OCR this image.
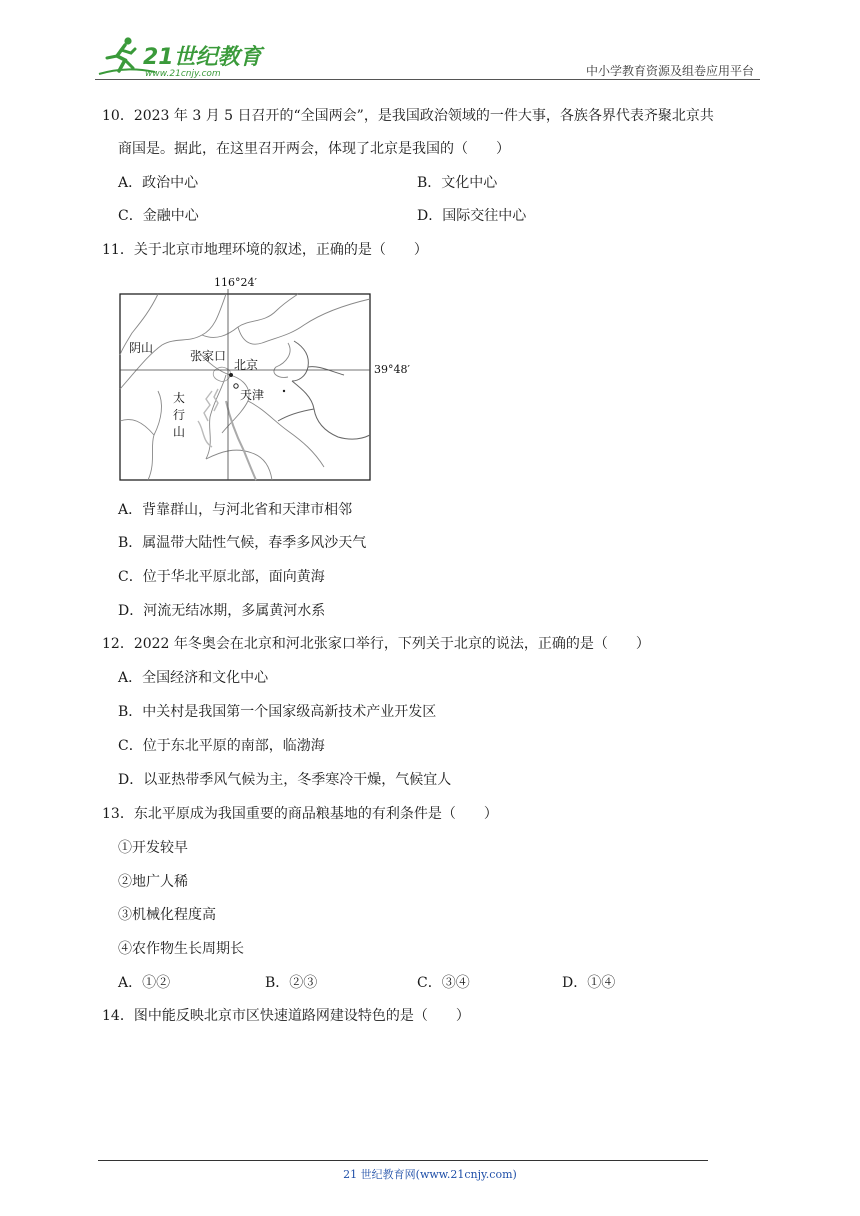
21世纪教育
www.21cnjy.com	中小学教育资源及组卷应用平台
10．2023 年 3 月 5 日召开的“全国两会”，是我国政治领域的一件大事，各族各界代表齐聚北京共
商国是。据此，在这里召开两会，体现了北京是我国的（　　）
A．政治中心	B．文化中心
C．金融中心	D．国际交往中心
11．关于北京市地理环境的叙述，正确的是（　　）
116°24′
39°48′
阴山
张家口
北京
天津
太
行
山
A．背靠群山，与河北省和天津市相邻
B．属温带大陆性气候，春季多风沙天气
C．位于华北平原北部，面向黄海
D．河流无结冰期，多属黄河水系
12．2022 年冬奥会在北京和河北张家口举行，下列关于北京的说法，正确的是（　　）
A．全国经济和文化中心
B．中关村是我国第一个国家级高新技术产业开发区
C．位于东北平原的南部，临渤海
D．以亚热带季风气候为主，冬季寒冷干燥，气候宜人
13．东北平原成为我国重要的商品粮基地的有利条件是（　　）
①开发较早
②地广人稀
③机械化程度高
④农作物生长周期长
A．①②	B．②③	C．③④	D．①④
14．图中能反映北京市区快速道路网建设特色的是（　　）
21 世纪教育网(www.21cnjy.com)
